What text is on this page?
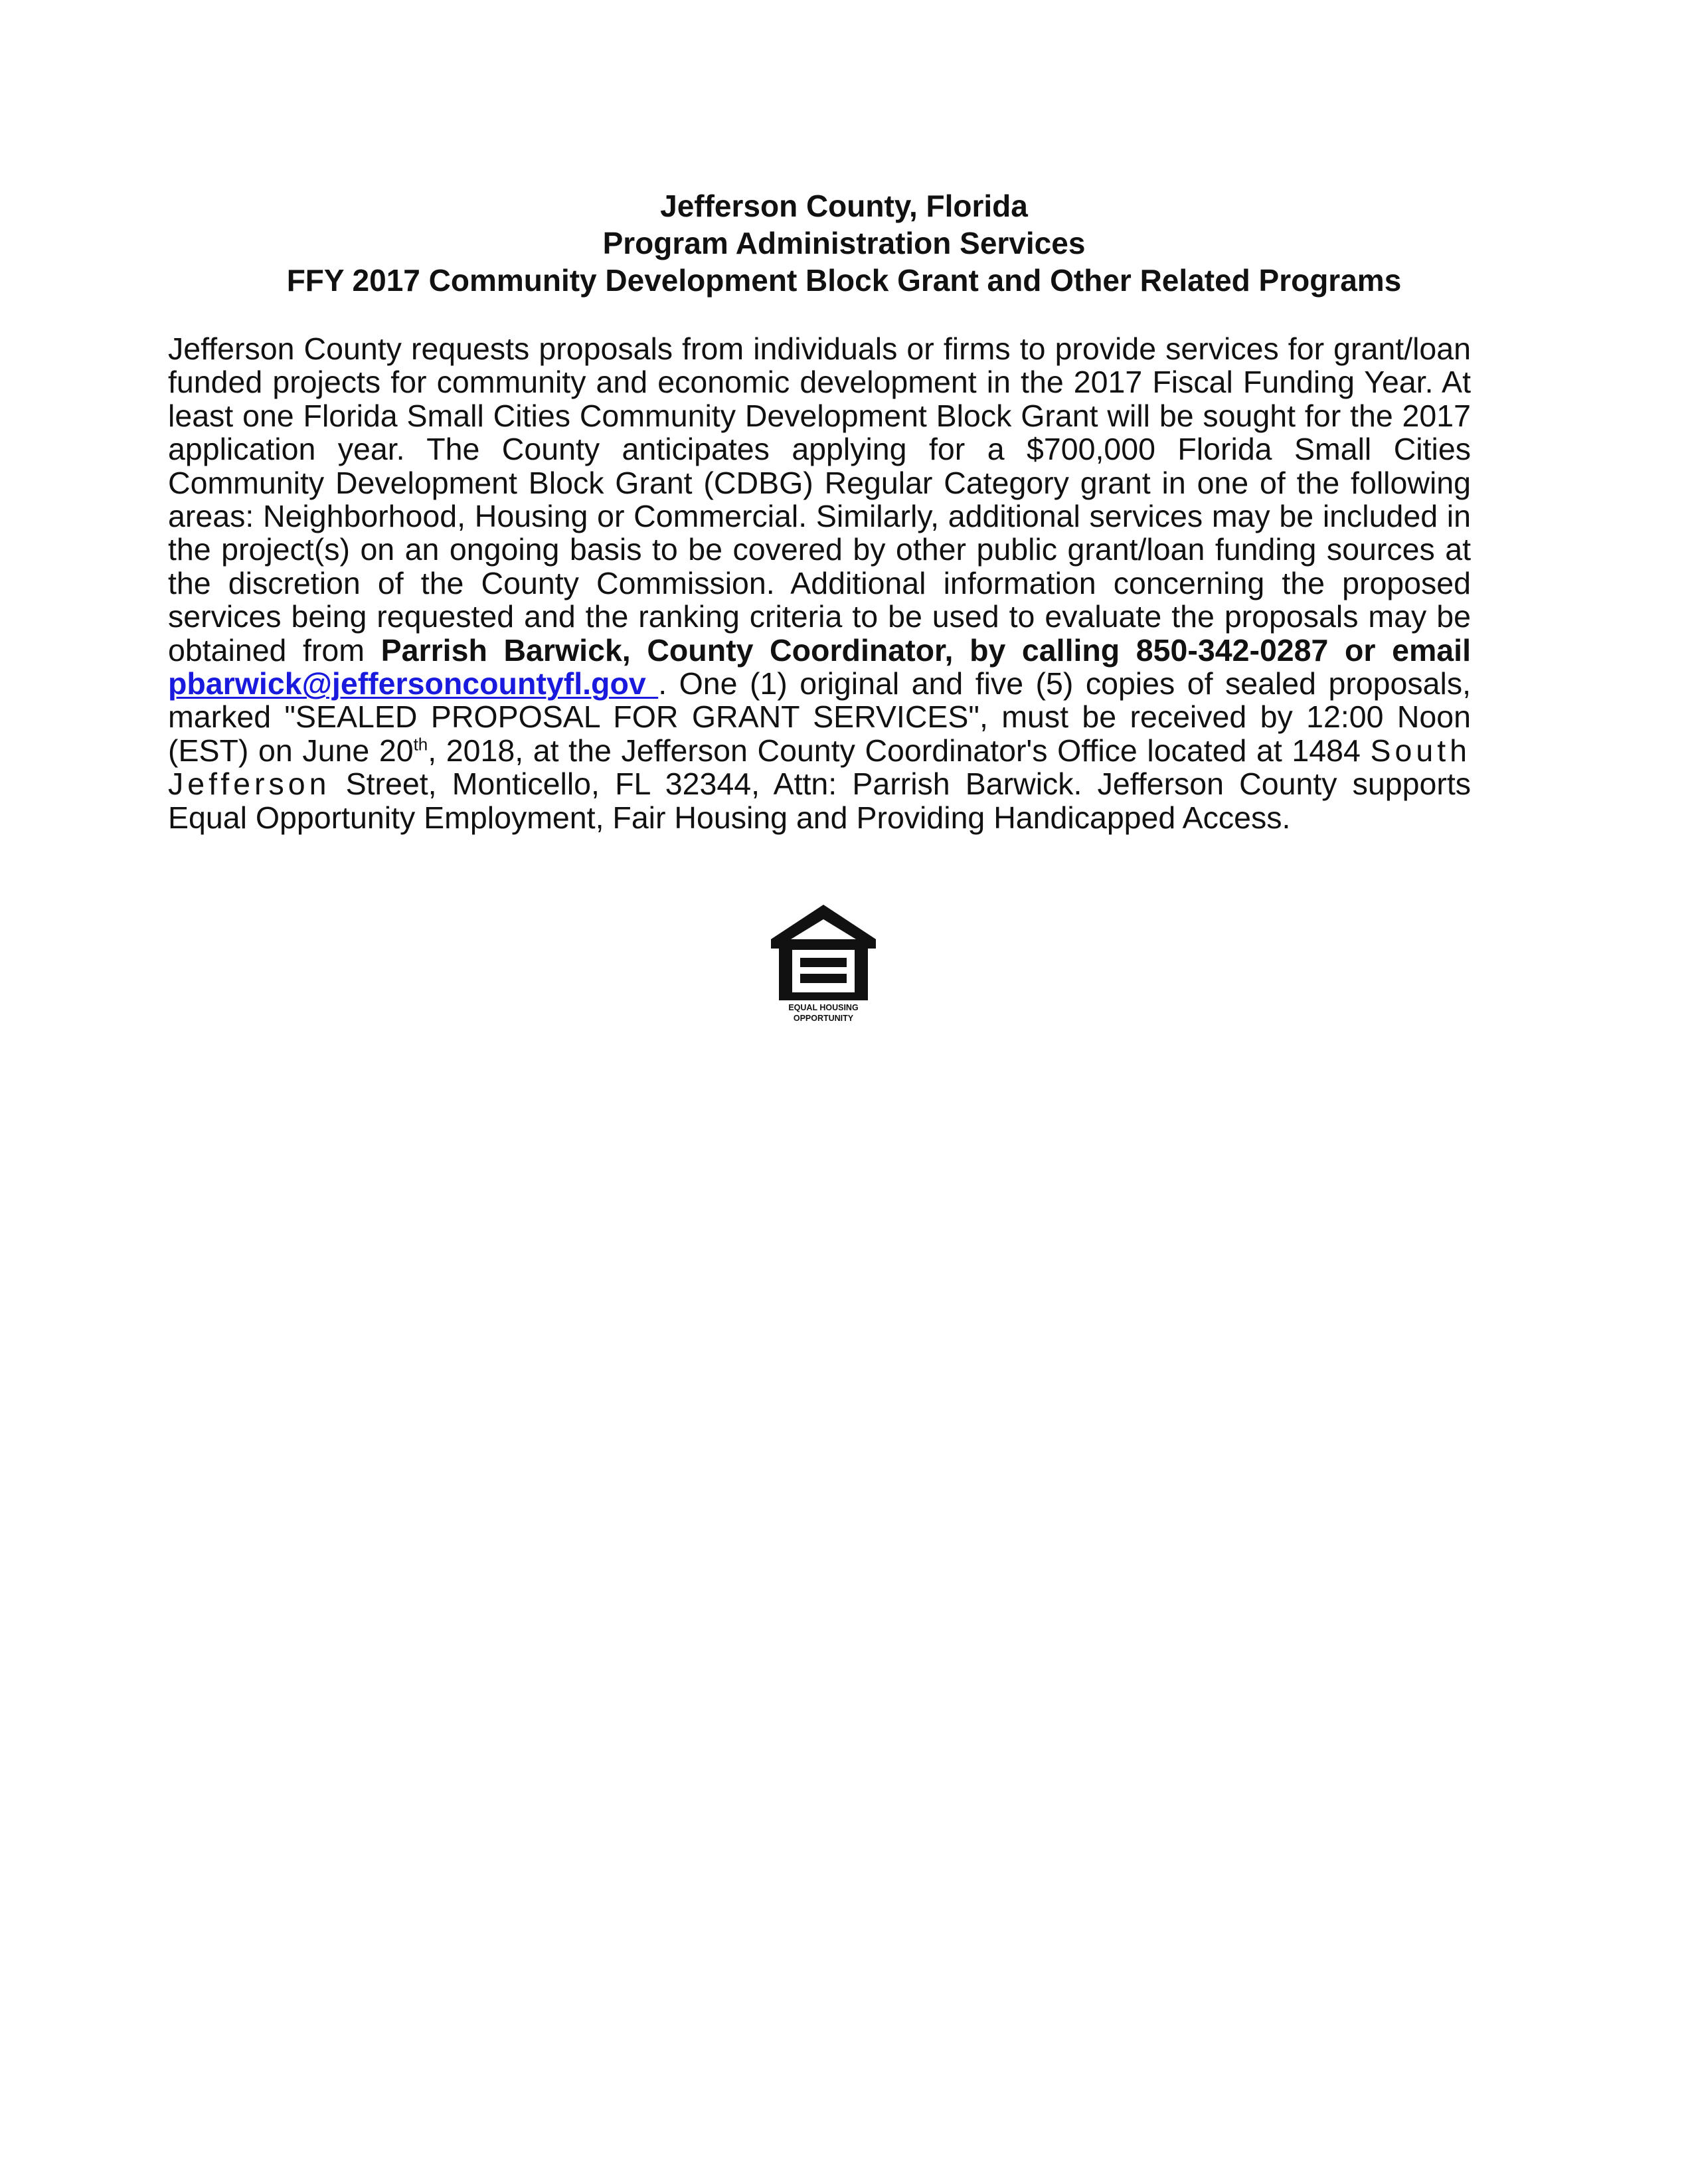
Jefferson County, Florida
Program Administration Services
FFY 2017 Community Development Block Grant and Other Related Programs
Jefferson County requests proposals from individuals or firms to provide services for grant/loan funded projects for community and economic development in the 2017 Fiscal Funding Year. At least one Florida Small Cities Community Development Block Grant will be sought for the 2017 application year. The County anticipates applying for a $700,000 Florida Small Cities Community Development Block Grant (CDBG) Regular Category grant in one of the following areas: Neighborhood, Housing or Commercial. Similarly, additional services may be included in the project(s) on an ongoing basis to be covered by other public grant/loan funding sources at the discretion of the County Commission. Additional information concerning the proposed services being requested and the ranking criteria to be used to evaluate the proposals may be obtained from Parrish Barwick, County Coordinator, by calling 850-342-0287 or email pbarwick@jeffersoncountyfl.gov . One (1) original and five (5) copies of sealed proposals, marked "SEALED PROPOSAL FOR GRANT SERVICES", must be received by 12:00 Noon (EST) on June 20th, 2018, at the Jefferson County Coordinator's Office located at 1484 South Jefferson Street, Monticello, FL 32344, Attn: Parrish Barwick. Jefferson County supports Equal Opportunity Employment, Fair Housing and Providing Handicapped Access.
EQUAL HOUSING
OPPORTUNITY
